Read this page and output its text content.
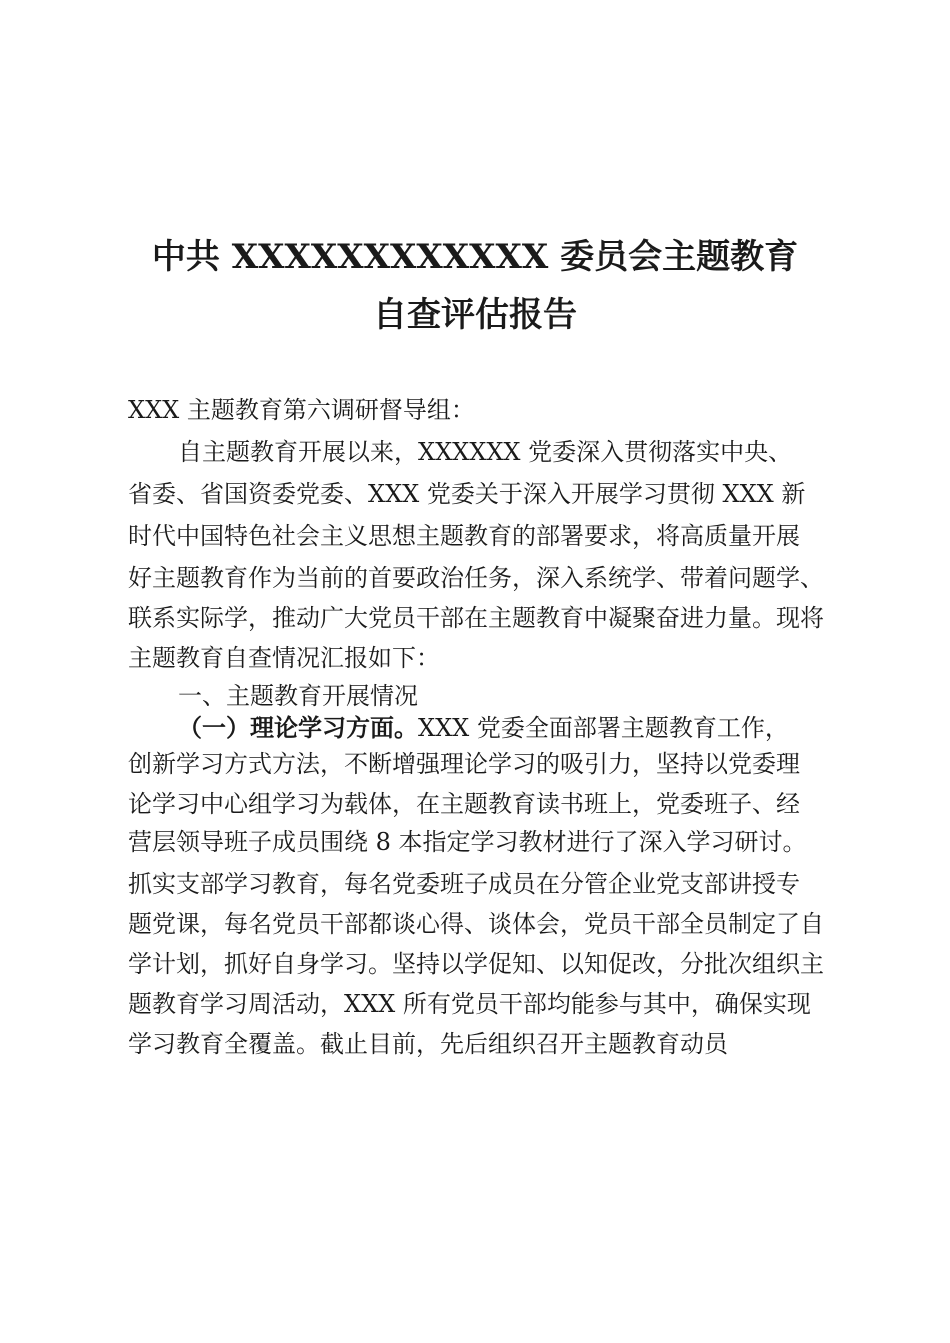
中共 XXXXXXXXXXXX 委员会主题教育
自查评估报告
XXX 主题教育第六调研督导组：
自主题教育开展以来，XXXXXX 党委深入贯彻落实中央、
省委、省国资委党委、XXX 党委关于深入开展学习贯彻 XXX 新
时代中国特色社会主义思想主题教育的部署要求，将高质量开展
好主题教育作为当前的首要政治任务，深入系统学、带着问题学、
联系实际学，推动广大党员干部在主题教育中凝聚奋进力量。现将
主题教育自查情况汇报如下：
一、主题教育开展情况
（一）理论学习方面。XXX 党委全面部署主题教育工作，
创新学习方式方法，不断增强理论学习的吸引力，坚持以党委理
论学习中心组学习为载体，在主题教育读书班上，党委班子、经
营层领导班子成员围绕 8 本指定学习教材进行了深入学习研讨。
抓实支部学习教育，每名党委班子成员在分管企业党支部讲授专
题党课，每名党员干部都谈心得、谈体会，党员干部全员制定了自
学计划，抓好自身学习。坚持以学促知、以知促改，分批次组织主
题教育学习周活动，XXX 所有党员干部均能参与其中，确保实现
学习教育全覆盖。截止目前，先后组织召开主题教育动员
